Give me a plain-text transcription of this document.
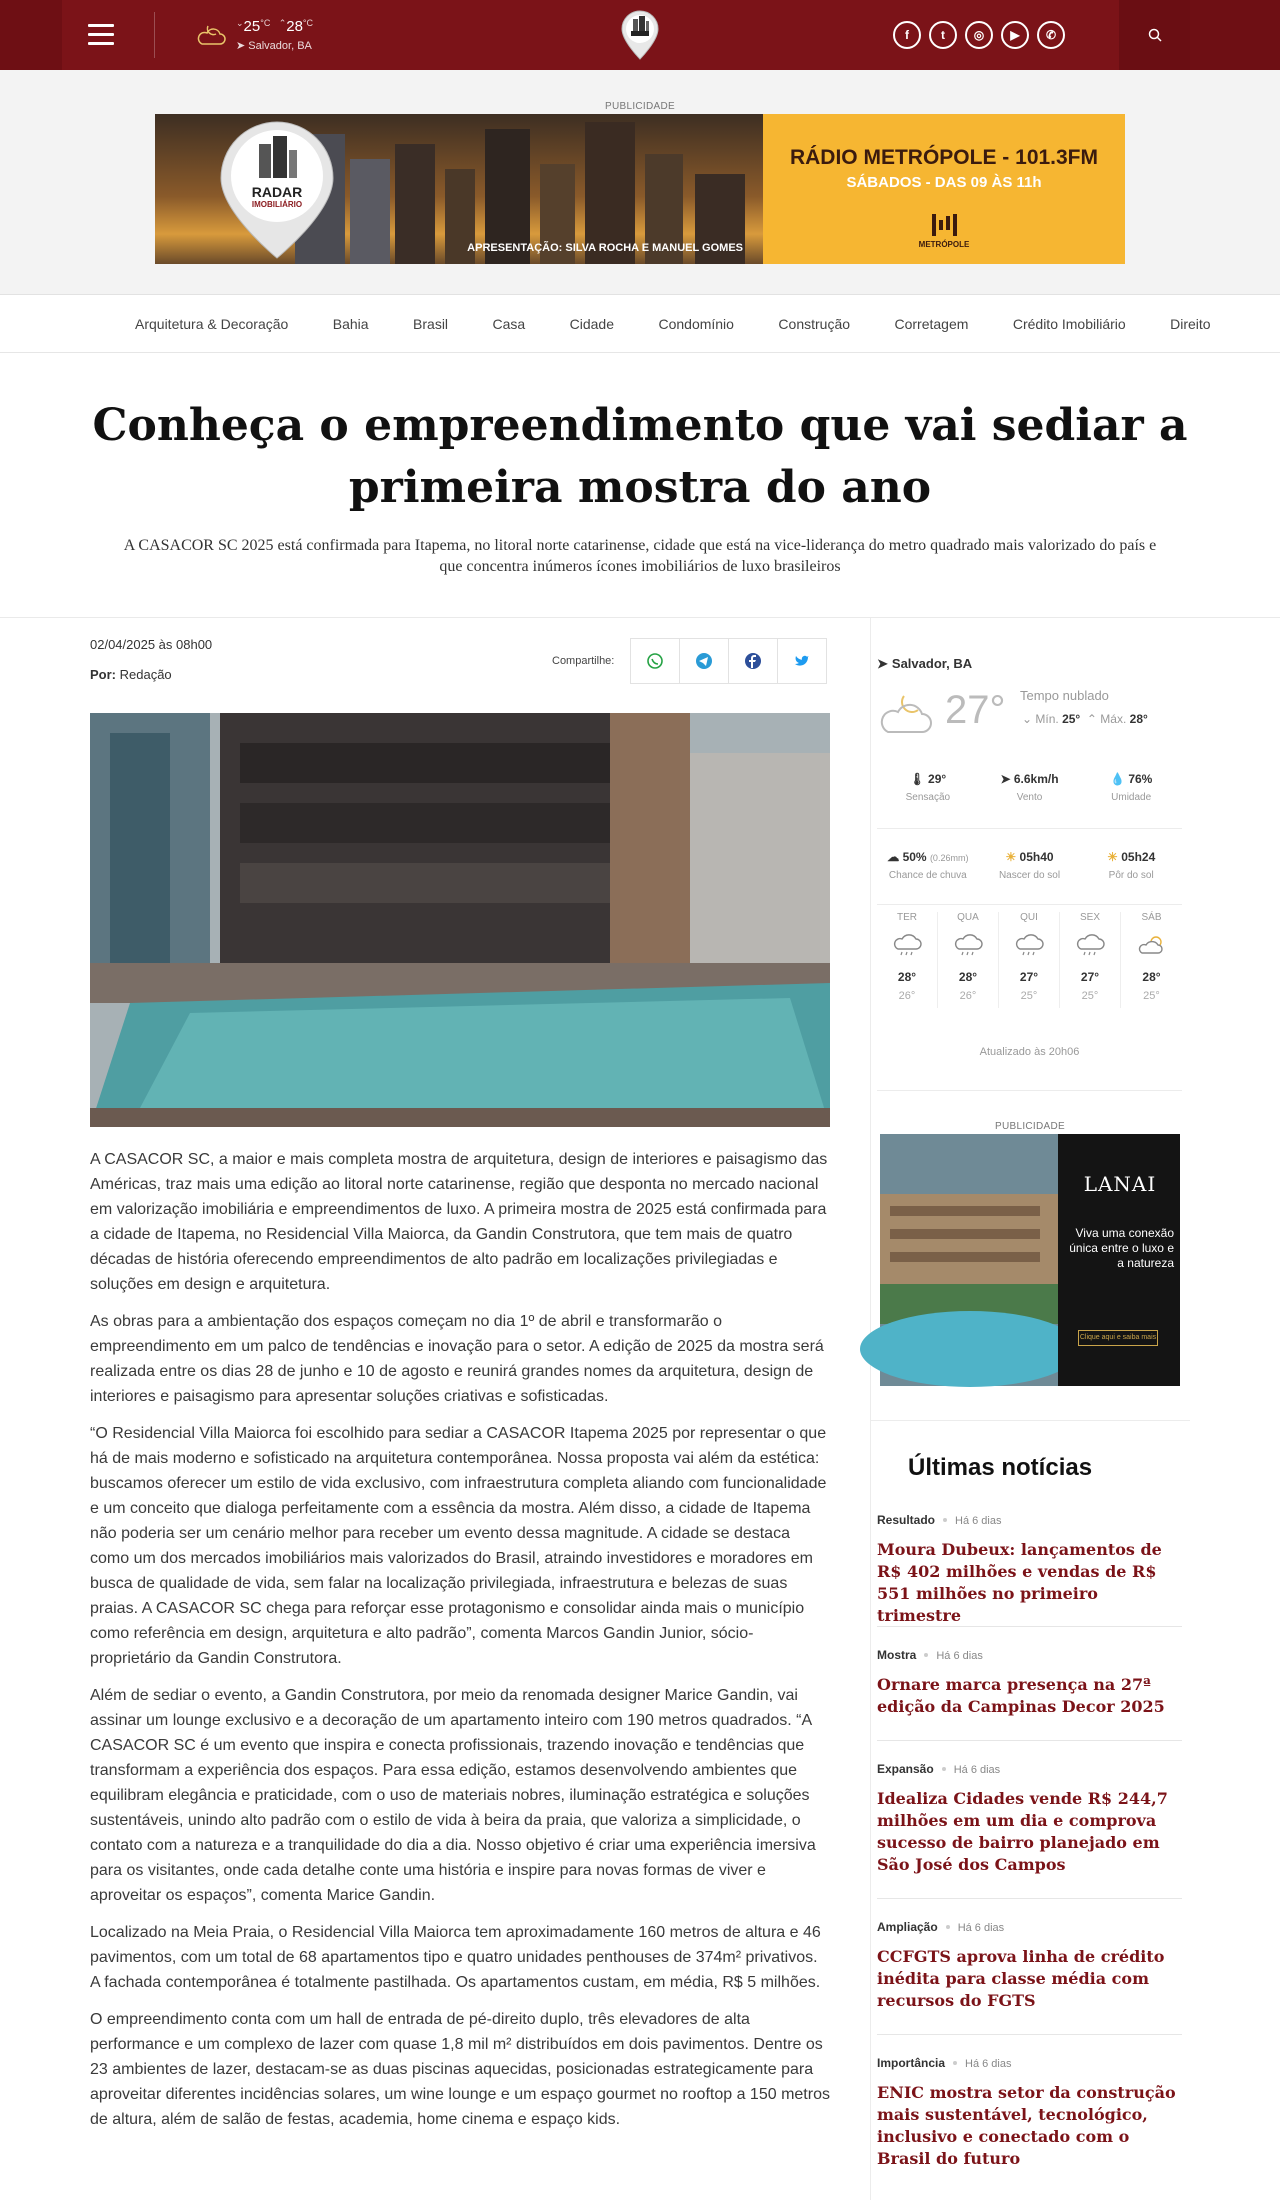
$^⌄25^{^\circ C}$ $^⌃28^{^\circ C}$
➤ Salvador, BA
f	t	◎	▶	✆
PUBLICIDADE
APRESENTAÇÃO: SILVA ROCHA E MANUEL GOMES
RADAR
IMOBILIÁRIO
RÁDIO METRÓPOLE - 101.3FM
SÁBADOS - DAS 09 ÀS 11h
METRÓPOLE
Arquitetura & Decoração	Bahia	Brasil	Casa	Cidade	Condomínio	Construção	Corretagem	Crédito Imobiliário	Direito
Conheça o empreendimento que vai sediar a primeira mostra do ano

A CASACOR SC 2025 está confirmada para Itapema, no litoral norte catarinense, cidade que está na vice-liderança do metro quadrado mais valorizado do país e que concentra inúmeros ícones imobiliários de luxo brasileiros

02/04/2025 às 08h00
Por: Redação
Compartilhe:

A CASACOR SC, a maior e mais completa mostra de arquitetura, design de interiores e paisagismo das Américas, traz mais uma edição ao litoral norte catarinense, região que desponta no mercado nacional em valorização imobiliária e empreendimentos de luxo. A primeira mostra de 2025 está confirmada para a cidade de Itapema, no Residencial Villa Maiorca, da Gandin Construtora, que tem mais de quatro décadas de história oferecendo empreendimentos de alto padrão em localizações privilegiadas e soluções em design e arquitetura.

As obras para a ambientação dos espaços começam no dia 1º de abril e transformarão o empreendimento em um palco de tendências e inovação para o setor. A edição de 2025 da mostra será realizada entre os dias 28 de junho e 10 de agosto e reunirá grandes nomes da arquitetura, design de interiores e paisagismo para apresentar soluções criativas e sofisticadas.

“O Residencial Villa Maiorca foi escolhido para sediar a CASACOR Itapema 2025 por representar o que há de mais moderno e sofisticado na arquitetura contemporânea. Nossa proposta vai além da estética: buscamos oferecer um estilo de vida exclusivo, com infraestrutura completa aliando com funcionalidade e um conceito que dialoga perfeitamente com a essência da mostra. Além disso, a cidade de Itapema não poderia ser um cenário melhor para receber um evento dessa magnitude. A cidade se destaca como um dos mercados imobiliários mais valorizados do Brasil, atraindo investidores e moradores em busca de qualidade de vida, sem falar na localização privilegiada, infraestrutura e belezas de suas praias. A CASACOR SC chega para reforçar esse protagonismo e consolidar ainda mais o município como referência em design, arquitetura e alto padrão”, comenta Marcos Gandin Junior, sócio-proprietário da Gandin Construtora.

Além de sediar o evento, a Gandin Construtora, por meio da renomada designer Marice Gandin, vai assinar um lounge exclusivo e a decoração de um apartamento inteiro com 190 metros quadrados. “A CASACOR SC é um evento que inspira e conecta profissionais, trazendo inovação e tendências que transformam a experiência dos espaços. Para essa edição, estamos desenvolvendo ambientes que equilibram elegância e praticidade, com o uso de materiais nobres, iluminação estratégica e soluções sustentáveis, unindo alto padrão com o estilo de vida à beira da praia, que valoriza a simplicidade, o contato com a natureza e a tranquilidade do dia a dia. Nosso objetivo é criar uma experiência imersiva para os visitantes, onde cada detalhe conte uma história e inspire para novas formas de viver e aproveitar os espaços”, comenta Marice Gandin.

Localizado na Meia Praia, o Residencial Villa Maiorca tem aproximadamente 160 metros de altura e 46 pavimentos, com um total de 68 apartamentos tipo e quatro unidades penthouses de 374m² privativos. A fachada contemporânea é totalmente pastilhada. Os apartamentos custam, em média, R$ 5 milhões.

O empreendimento conta com um hall de entrada de pé-direito duplo, três elevadores de alta performance e um complexo de lazer com quase 1,8 mil m² distribuídos em dois pavimentos. Dentre os 23 ambientes de lazer, destacam-se as duas piscinas aquecidas, posicionadas estrategicamente para aproveitar diferentes incidências solares, um wine lounge e um espaço gourmet no rooftop a 150 metros de altura, além de salão de festas, academia, home cinema e espaço kids.

➤ Salvador, BA
27° Tempo nublado
⌄ Mín. 25°  ⌃ Máx. 28°
🌡 29°
Sensação
➤ 6.6km/h
Vento
💧 76%
Umidade
☁ 50% (0.26mm)
Chance de chuva
☀ 05h40
Nascer do sol
☀ 05h24
Pôr do sol
TER
28°
26°
QUA
28°
26°
QUI
27°
25°
SEX
27°
25°
SÁB
28°
25°
Atualizado às 20h06
PUBLICIDADE
LANAI
Viva uma conexão única entre o luxo e a natureza
Clique aqui e saiba mais
Últimas notícias
Resultado Há 6 dias
Moura Dubeux: lançamentos de R$ 402 milhões e vendas de R$ 551 milhões no primeiro trimestre
Mostra Há 6 dias
Ornare marca presença na 27ª edição da Campinas Decor 2025
Expansão Há 6 dias
Idealiza Cidades vende R$ 244,7 milhões em um dia e comprova sucesso de bairro planejado em São José dos Campos
Ampliação Há 6 dias
CCFGTS aprova linha de crédito inédita para classe média com recursos do FGTS
Importância Há 6 dias
ENIC mostra setor da construção mais sustentável, tecnológico, inclusivo e conectado com o Brasil do futuro
